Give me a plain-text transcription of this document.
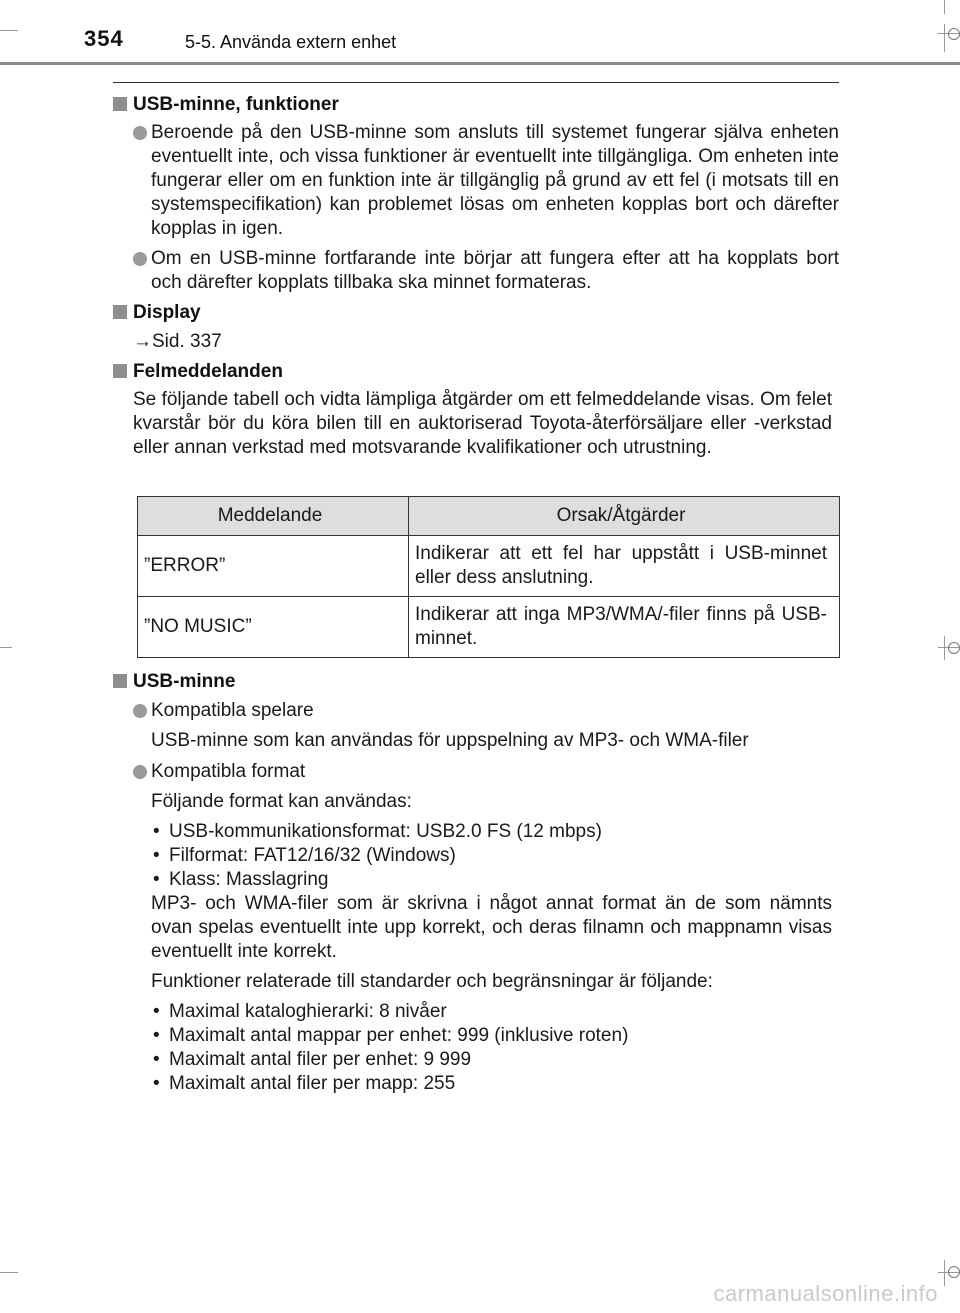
354	5-5. Använda extern enhet
USB-minne, funktioner
Beroende på den USB-minne som ansluts till systemet fungerar själva enheten eventuellt inte, och vissa funktioner är eventuellt inte tillgängliga. Om enheten inte fungerar eller om en funktion inte är tillgänglig på grund av ett fel (i motsats till en systemspecifikation) kan problemet lösas om enheten kopplas bort och därefter kopplas in igen.
Om en USB-minne fortfarande inte börjar att fungera efter att ha kopplats bort och därefter kopplats tillbaka ska minnet formateras.
Display
→Sid. 337
Felmeddelanden
Se följande tabell och vidta lämpliga åtgärder om ett felmeddelande visas. Om felet kvarstår bör du köra bilen till en auktoriserad Toyota-återförsäljare eller -verkstad eller annan verkstad med motsvarande kvalifikationer och utrustning.
Meddelande	Orsak/Åtgärder
”ERROR”	Indikerar att ett fel har uppstått i USB-minnet eller dess anslutning.
”NO MUSIC”	Indikerar att inga MP3/WMA/-filer finns på USB-minnet.
USB-minne
Kompatibla spelare
USB-minne som kan användas för uppspelning av MP3- och WMA-filer
Kompatibla format
Följande format kan användas:
• USB-kommunikationsformat: USB2.0 FS (12 mbps)
• Filformat: FAT12/16/32 (Windows)
• Klass: Masslagring
MP3- och WMA-filer som är skrivna i något annat format än de som nämnts ovan spelas eventuellt inte upp korrekt, och deras filnamn och mappnamn visas eventuellt inte korrekt.
Funktioner relaterade till standarder och begränsningar är följande:
• Maximal kataloghierarki: 8 nivåer
• Maximalt antal mappar per enhet: 999 (inklusive roten)
• Maximalt antal filer per enhet: 9 999
• Maximalt antal filer per mapp: 255
carmanualsonline.info
